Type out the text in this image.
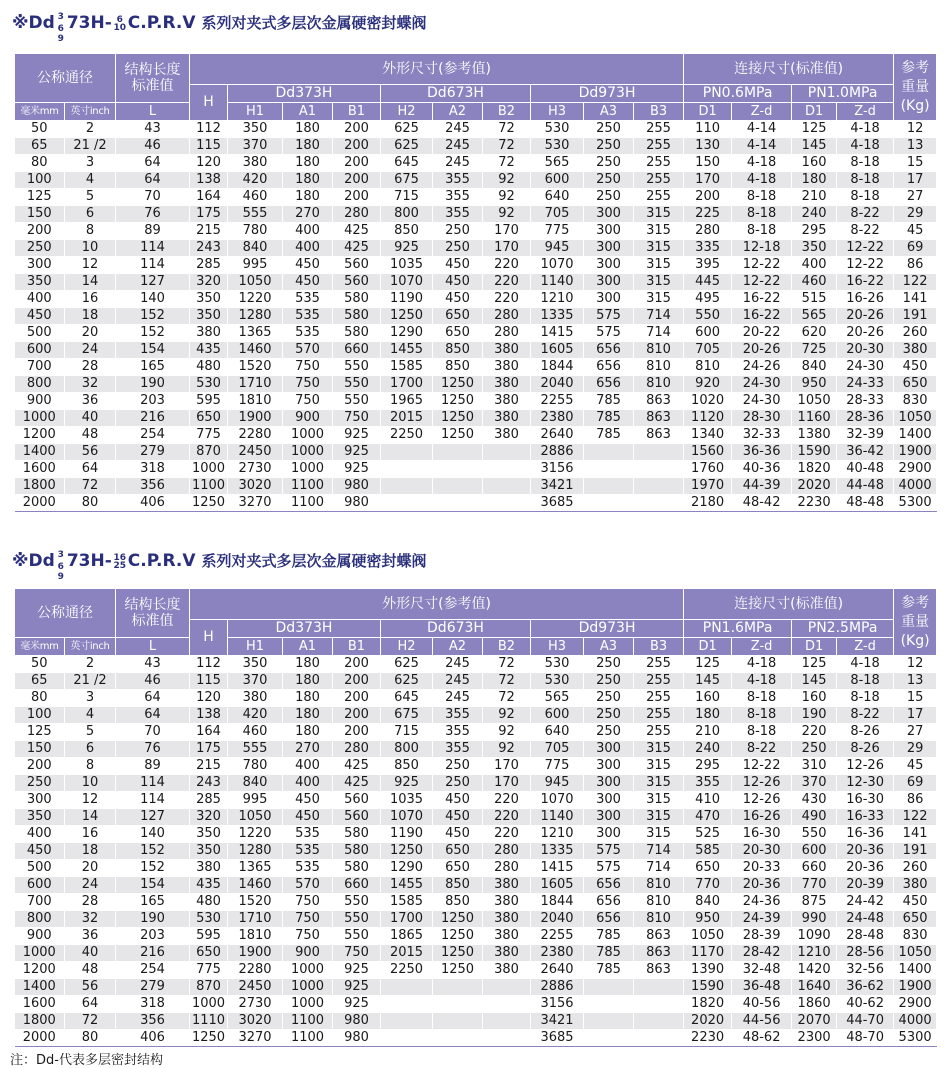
※Dd 3
6
9
73H- 6
10 C.P.R.V 系列对夹式多层次金属硬密封蝶阀
公称通径		结构长度
标准值	外形尺寸(参考值)										连接尺寸(标准值)				参考
重量
(Kg)
			H	Dd373H			Dd673H			Dd973H			PN0.6MPa		PN1.0MPa		
毫米mm	英寸inch	L		H1	A1	B1	H2	A2	B2	H3	A3	B3	D1	Z-d	D1	Z-d	
50	2	43	112	350	180	200	625	245	72	530	250	255	110	4-14	125	4-18	12
65	21 /2	46	115	370	180	200	625	245	72	530	250	255	130	4-14	145	4-18	13
80	3	64	120	380	180	200	645	245	72	565	250	255	150	4-18	160	8-18	15
100	4	64	138	420	180	200	675	355	92	600	250	255	170	4-18	180	8-18	17
125	5	70	164	460	180	200	715	355	92	640	250	255	200	8-18	210	8-18	27
150	6	76	175	555	270	280	800	355	92	705	300	315	225	8-18	240	8-22	29
200	8	89	215	780	400	425	850	250	170	775	300	315	280	8-18	295	8-22	45
250	10	114	243	840	400	425	925	250	170	945	300	315	335	12-18	350	12-22	69
300	12	114	285	995	450	560	1035	450	220	1070	300	315	395	12-22	400	12-22	86
350	14	127	320	1050	450	560	1070	450	220	1140	300	315	445	12-22	460	16-22	122
400	16	140	350	1220	535	580	1190	450	220	1210	300	315	495	16-22	515	16-26	141
450	18	152	350	1280	535	580	1250	650	280	1335	575	714	550	16-22	565	20-26	191
500	20	152	380	1365	535	580	1290	650	280	1415	575	714	600	20-22	620	20-26	260
600	24	154	435	1460	570	660	1455	850	380	1605	656	810	705	20-26	725	20-30	380
700	28	165	480	1520	750	550	1585	850	380	1844	656	810	810	24-26	840	24-30	450
800	32	190	530	1710	750	550	1700	1250	380	2040	656	810	920	24-30	950	24-33	650
900	36	203	595	1810	750	550	1965	1250	380	2255	785	863	1020	24-30	1050	28-33	830
1000	40	216	650	1900	900	750	2015	1250	380	2380	785	863	1120	28-30	1160	28-36	1050
1200	48	254	775	2280	1000	925	2250	1250	380	2640	785	863	1340	32-33	1380	32-39	1400
1400	56	279	870	2450	1000	925				2886			1560	36-36	1590	36-42	1900
1600	64	318	1000	2730	1000	925				3156			1760	40-36	1820	40-48	2900
1800	72	356	1100	3020	1100	980				3421			1970	44-39	2020	44-48	4000
2000	80	406	1250	3270	1100	980				3685			2180	48-42	2230	48-48	5300
※Dd 3
6
9
73H- 16
25 C.P.R.V 系列对夹式多层次金属硬密封蝶阀
公称通径		结构长度
标准值	外形尺寸(参考值)										连接尺寸(标准值)				参考
重量
(Kg)
			H	Dd373H			Dd673H			Dd973H			PN1.6MPa		PN2.5MPa		
毫米mm	英寸inch	L		H1	A1	B1	H2	A2	B2	H3	A3	B3	D1	Z-d	D1	Z-d	
50	2	43	112	350	180	200	625	245	72	530	250	255	125	4-18	125	4-18	12
65	21 /2	46	115	370	180	200	625	245	72	530	250	255	145	4-18	145	8-18	13
80	3	64	120	380	180	200	645	245	72	565	250	255	160	8-18	160	8-18	15
100	4	64	138	420	180	200	675	355	92	600	250	255	180	8-18	190	8-22	17
125	5	70	164	460	180	200	715	355	92	640	250	255	210	8-18	220	8-26	27
150	6	76	175	555	270	280	800	355	92	705	300	315	240	8-22	250	8-26	29
200	8	89	215	780	400	425	850	250	170	775	300	315	295	12-22	310	12-26	45
250	10	114	243	840	400	425	925	250	170	945	300	315	355	12-26	370	12-30	69
300	12	114	285	995	450	560	1035	450	220	1070	300	315	410	12-26	430	16-30	86
350	14	127	320	1050	450	560	1070	450	220	1140	300	315	470	16-26	490	16-33	122
400	16	140	350	1220	535	580	1190	450	220	1210	300	315	525	16-30	550	16-36	141
450	18	152	350	1280	535	580	1250	650	280	1335	575	714	585	20-30	600	20-36	191
500	20	152	380	1365	535	580	1290	650	280	1415	575	714	650	20-33	660	20-36	260
600	24	154	435	1460	570	660	1455	850	380	1605	656	810	770	20-36	770	20-39	380
700	28	165	480	1520	750	550	1585	850	380	1844	656	810	840	24-36	875	24-42	450
800	32	190	530	1710	750	550	1700	1250	380	2040	656	810	950	24-39	990	24-48	650
900	36	203	595	1810	750	550	1865	1250	380	2255	785	863	1050	28-39	1090	28-48	830
1000	40	216	650	1900	900	750	2015	1250	380	2380	785	863	1170	28-42	1210	28-56	1050
1200	48	254	775	2280	1000	925	2250	1250	380	2640	785	863	1390	32-48	1420	32-56	1400
1400	56	279	870	2450	1000	925				2886			1590	36-48	1640	36-62	1900
1600	64	318	1000	2730	1000	925				3156			1820	40-56	1860	40-62	2900
1800	72	356	1110	3020	1100	980				3421			2020	44-56	2070	44-70	4000
2000	80	406	1250	3270	1100	980				3685			2230	48-62	2300	48-70	5300
注：Dd-代表多层密封结构
